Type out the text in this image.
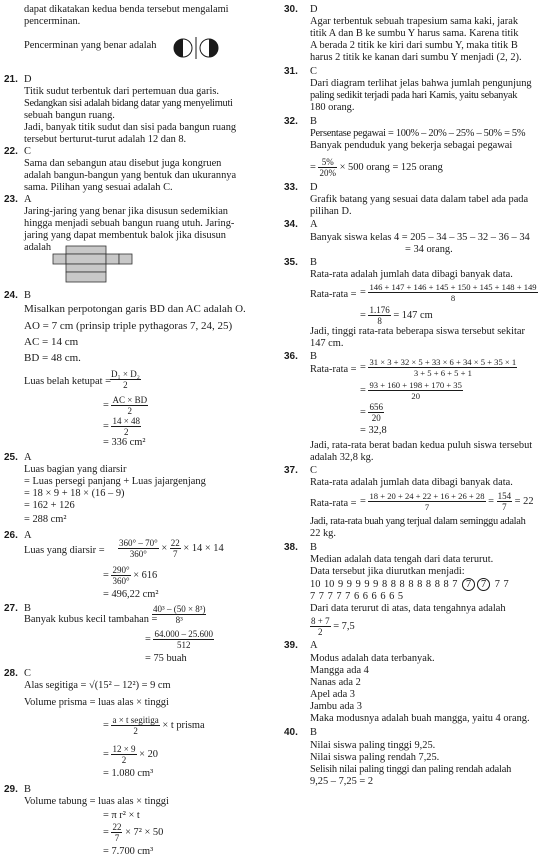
dapat dikatakan kedua benda tersebut mengalami
pencerminan.
Pencerminan yang benar adalah
21. D
Titik sudut terbentuk dari pertemuan dua garis.
Sedangkan sisi adalah bidang datar yang menyelimuti
sebuah bangun ruang.
Jadi, banyak titik sudut dan sisi pada bangun ruang
tersebut berturut-turut adalah 12 dan 8.
22. C
Sama dan sebangun atau disebut juga kongruen
adalah bangun-bangun yang bentuk dan ukurannya
sama. Pilihan yang sesuai adalah C.
23. A
Jaring-jaring yang benar jika disusun sedemikian
hingga menjadi sebuah bangun ruang utuh. Jaring-
jaring yang dapat membentuk balok jika disusun
adalah
24. B
Misalkan perpotongan garis BD dan AC adalah O.
AO = 7 cm (prinsip triple pythagoras 7, 24, 25)
AC = 14 cm
BD = 48 cm.
Luas belah ketupat = $\frac{\text{D₁ × D₂}}{2}$
= $\frac{AC \times BD}{2}$
= $\frac{14 \times 48}{2}$
= 336 cm²
25. A
Luas bagian yang diarsir
= Luas persegi panjang + Luas jajargenjang
= 18 × 9 + 18 × (16 – 9)
= 162 + 126
= 288 cm²
26. A
Luas yang diarsir = $\frac{360^\circ - 70^\circ}{360^\circ} \times \frac{22}{7} \times 14 \times 14$
= $\frac{290^\circ}{360^\circ} \times 616$
= 496,22 cm²
27. B
Banyak kubus kecil tambahan =
$\frac{\text{40³ – (50 × 8³)}}{\text{8³}}$
= $\frac{64.000 - 25.600}{512}$
= 75 buah
28. C
Alas segitiga = √(15² – 12²) = 9 cm
Volume prisma = luas alas × tinggi
= $\frac{\text{a × t segitiga}}{2} \times t$ prisma
= $\frac{12 \times 9}{2} \times 20$
= 1.080 cm³
29. B
Volume tabung = luas alas × tinggi
= π r² × t
= $\frac{22}{7} \times 7^2 \times 50$
= 7.700 cm³
30. D
Agar terbentuk sebuah trapesium sama kaki, jarak
titik A dan B ke sumbu Y harus sama. Karena titik
A berada 2 titik ke kiri dari sumbu Y, maka titik B
harus 2 titik ke kanan dari sumbu Y menjadi (2, 2).
31. C
Dari diagram terlihat jelas bahwa jumlah pengunjung
paling sedikit terjadi pada hari Kamis, yaitu sebanyak
180 orang.
32. B
Persentase pegawai = 100% – 20% – 25% – 50% = 5%
Banyak penduduk yang bekerja sebagai pegawai
= $\frac{5\%}{20\%} \times 500$ orang = 125 orang
33. D
Grafik batang yang sesuai data dalam tabel ada pada
pilihan D.
34. A
Banyak siswa kelas 4 = 205 – 34 – 35 – 32 – 36 – 34
= 34 orang.
35. B
Rata-rata adalah jumlah data dibagi banyak data.
Rata-rata = = $\frac{146 + 147 + 146 + 145 + 150 + 145 + 148 + 149}{8}$
= $\frac{1.176}{8} = 147$ cm
Jadi, tinggi rata-rata beberapa siswa tersebut sekitar
147 cm.
36. B
Rata-rata = = $\frac{31 \times 3 + 32 \times 5 + 33 \times 6 + 34 \times 5 + 35 \times 1}{3 + 5 + 6 + 5 + 1}$
= $\frac{93 + 160 + 198 + 170 + 35}{20}$
= $\frac{656}{20}$
= 32,8
Jadi, rata-rata berat badan kedua puluh siswa tersebut
adalah 32,8 kg.
37. C
Rata-rata adalah jumlah data dibagi banyak data.
Rata-rata = = $\frac{18 + 20 + 24 + 22 + 16 + 26 + 28}{7} = \frac{154}{7} = 22$
Jadi, rata-rata buah yang terjual dalam seminggu adalah
22 kg.
38. B
Median adalah data tengah dari data terurut.
Data tersebut jika diurutkan menjadi:
10 10 9 9 9 9 9 8 8 8 8 8 8 8 8 7 7 7 7 7
7 7 7 7 7 6 6 6 6 6 5
Dari data terurut di atas, data tengahnya adalah
$\frac{8 + 7}{2} = 7,5$
39. A
Modus adalah data terbanyak.
Mangga ada 4
Nanas ada 2
Apel ada 3
Jambu ada 3
Maka modusnya adalah buah mangga, yaitu 4 orang.
40. B
Nilai siswa paling tinggi 9,25.
Nilai siswa paling rendah 7,25.
Selisih nilai paling tinggi dan paling rendah adalah
9,25 – 7,25 = 2
